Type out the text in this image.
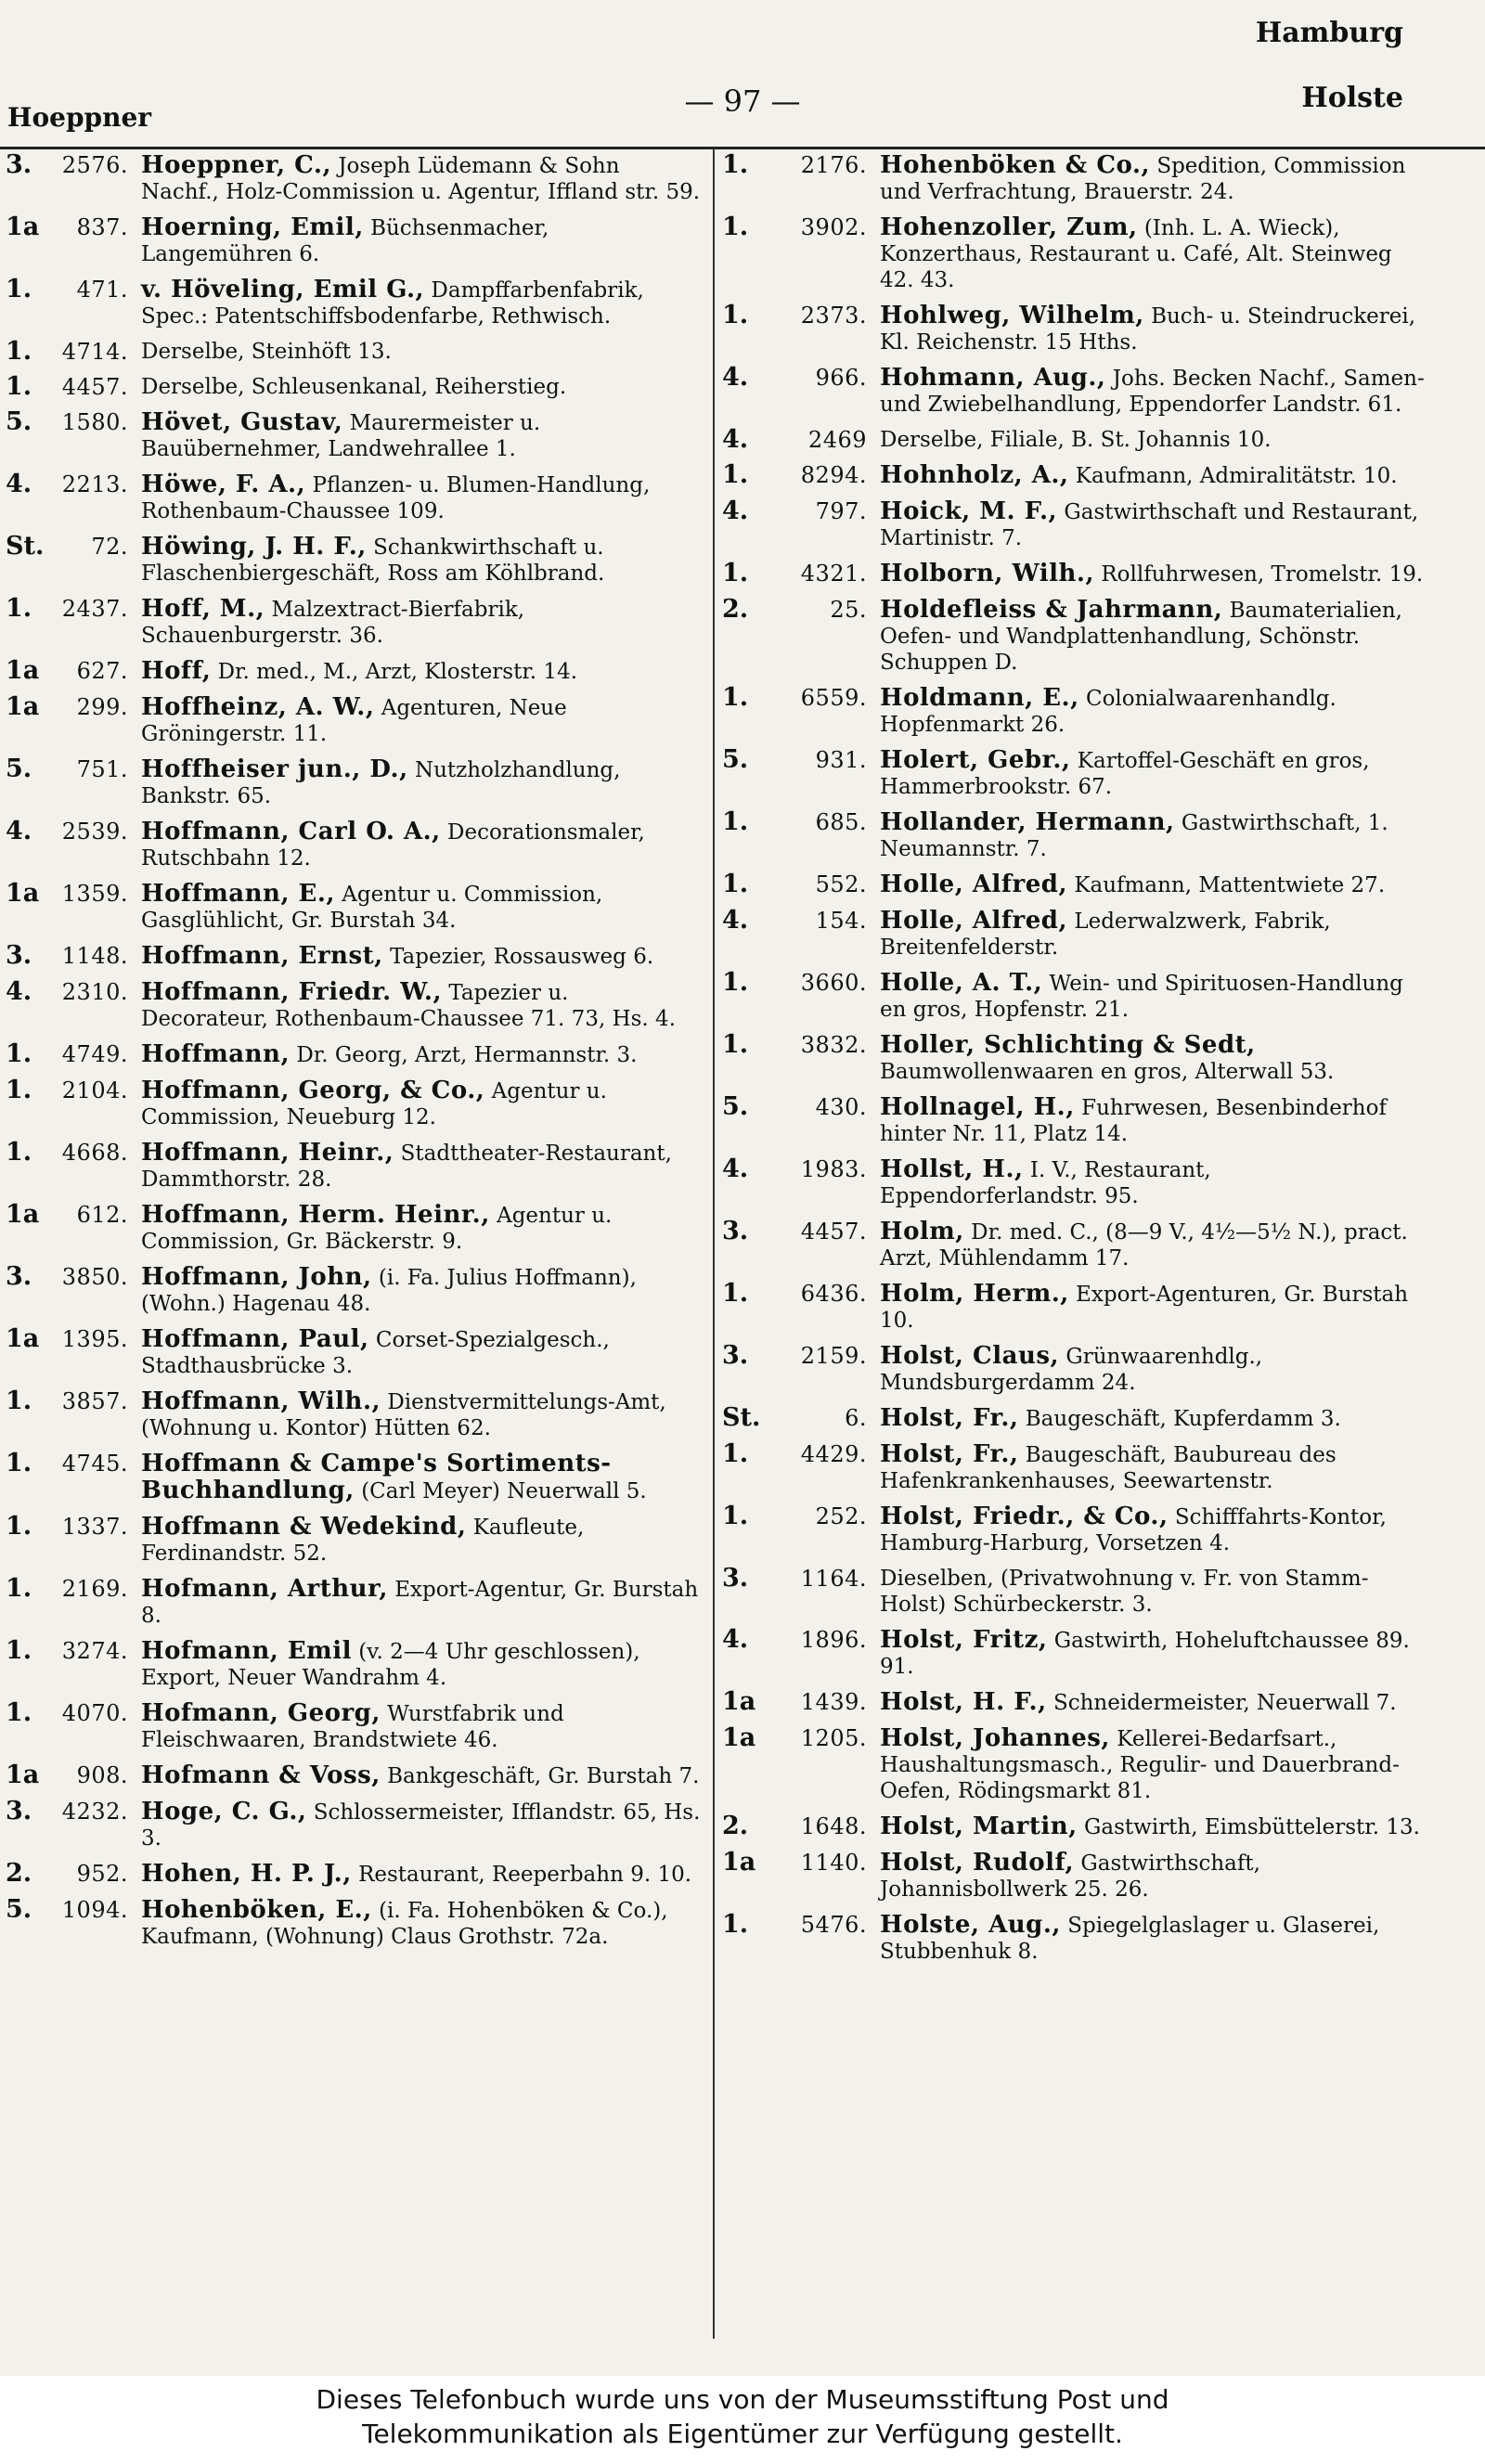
Hamburg
Hoeppner	— 97 —	Holste
3.	2576. Hoeppner, C., Joseph Lüdemann & Sohn Nachf., Holz-Commission u. Agentur, Iffland str. 59.
1a	837. Hoerning, Emil, Büchsenmacher, Langemühren 6.
1.	471. v. Höveling, Emil G., Dampffarbenfabrik, Spec.: Patentschiffsbodenfarbe, Rethwisch.
1.	4714. Derselbe, Steinhöft 13.
1.	4457. Derselbe, Schleusenkanal, Reiherstieg.
5.	1580. Hövet, Gustav, Maurermeister u. Bauübernehmer, Landwehrallee 1.
4.	2213. Höwe, F. A., Pflanzen- u. Blumen-Handlung, Rothenbaum-Chaussee 109.
St.	72. Höwing, J. H. F., Schankwirthschaft u. Flaschenbiergeschäft, Ross am Köhlbrand.
1.	2437. Hoff, M., Malzextract-Bierfabrik, Schauenburgerstr. 36.
1a	627. Hoff, Dr. med., M., Arzt, Klosterstr. 14.
1a	299. Hoffheinz, A. W., Agenturen, Neue Gröningerstr. 11.
5.	751. Hoffheiser jun., D., Nutzholzhandlung, Bankstr. 65.
4.	2539. Hoffmann, Carl O. A., Decorationsmaler, Rutschbahn 12.
1a	1359. Hoffmann, E., Agentur u. Commission, Gasglühlicht, Gr. Burstah 34.
3.	1148. Hoffmann, Ernst, Tapezier, Rossausweg 6.
4.	2310. Hoffmann, Friedr. W., Tapezier u. Decorateur, Rothenbaum-Chaussee 71. 73, Hs. 4.
1.	4749. Hoffmann, Dr. Georg, Arzt, Hermannstr. 3.
1.	2104. Hoffmann, Georg, & Co., Agentur u. Commission, Neueburg 12.
1.	4668. Hoffmann, Heinr., Stadttheater-Restaurant, Dammthorstr. 28.
1a	612. Hoffmann, Herm. Heinr., Agentur u. Commission, Gr. Bäckerstr. 9.
3.	3850. Hoffmann, John, (i. Fa. Julius Hoffmann), (Wohn.) Hagenau 48.
1a	1395. Hoffmann, Paul, Corset-Spezialgesch., Stadthausbrücke 3.
1.	3857. Hoffmann, Wilh., Dienstvermittelungs-Amt, (Wohnung u. Kontor) Hütten 62.
1.	4745. Hoffmann & Campe's Sortiments-Buchhandlung, (Carl Meyer) Neuerwall 5.
1.	1337. Hoffmann & Wedekind, Kaufleute, Ferdinandstr. 52.
1.	2169. Hofmann, Arthur, Export-Agentur, Gr. Burstah 8.
1.	3274. Hofmann, Emil (v. 2—4 Uhr geschlossen), Export, Neuer Wandrahm 4.
1.	4070. Hofmann, Georg, Wurstfabrik und Fleischwaaren, Brandstwiete 46.
1a	908. Hofmann & Voss, Bankgeschäft, Gr. Burstah 7.
3.	4232. Hoge, C. G., Schlossermeister, Ifflandstr. 65, Hs. 3.
2.	952. Hohen, H. P. J., Restaurant, Reeperbahn 9. 10.
5.	1094. Hohenböken, E., (i. Fa. Hohenböken & Co.), Kaufmann, (Wohnung) Claus Grothstr. 72a.
1.	2176. Hohenböken & Co., Spedition, Commission und Verfrachtung, Brauerstr. 24.
1.	3902. Hohenzoller, Zum, (Inh. L. A. Wieck), Konzerthaus, Restaurant u. Café, Alt. Steinweg 42. 43.
1.	2373. Hohlweg, Wilhelm, Buch- u. Steindruckerei, Kl. Reichenstr. 15 Hths.
4.	966. Hohmann, Aug., Johs. Becken Nachf., Samen- und Zwiebelhandlung, Eppendorfer Landstr. 61.
4.	2469 Derselbe, Filiale, B. St. Johannis 10.
1.	8294. Hohnholz, A., Kaufmann, Admiralitätstr. 10.
4.	797. Hoick, M. F., Gastwirthschaft und Restaurant, Martinistr. 7.
1.	4321. Holborn, Wilh., Rollfuhrwesen, Tromelstr. 19.
2.	25. Holdefleiss & Jahrmann, Baumaterialien, Oefen- und Wandplattenhandlung, Schönstr. Schuppen D.
1.	6559. Holdmann, E., Colonialwaarenhandlg. Hopfenmarkt 26.
5.	931. Holert, Gebr., Kartoffel-Geschäft en gros, Hammerbrookstr. 67.
1.	685. Hollander, Hermann, Gastwirthschaft, 1. Neumannstr. 7.
1.	552. Holle, Alfred, Kaufmann, Mattentwiete 27.
4.	154. Holle, Alfred, Lederwalzwerk, Fabrik, Breitenfelderstr.
1.	3660. Holle, A. T., Wein- und Spirituosen-Handlung en gros, Hopfenstr. 21.
1.	3832. Holler, Schlichting & Sedt, Baumwollenwaaren en gros, Alterwall 53.
5.	430. Hollnagel, H., Fuhrwesen, Besenbinderhof hinter Nr. 11, Platz 14.
4.	1983. Hollst, H., I. V., Restaurant, Eppendorferlandstr. 95.
3.	4457. Holm, Dr. med. C., (8—9 V., 4½—5½ N.), pract. Arzt, Mühlendamm 17.
1.	6436. Holm, Herm., Export-Agenturen, Gr. Burstah 10.
3.	2159. Holst, Claus, Grünwaarenhdlg., Mundsburgerdamm 24.
St.	6. Holst, Fr., Baugeschäft, Kupferdamm 3.
1.	4429. Holst, Fr., Baugeschäft, Baubureau des Hafenkrankenhauses, Seewartenstr.
1.	252. Holst, Friedr., & Co., Schifffahrts-Kontor, Hamburg-Harburg, Vorsetzen 4.
3.	1164. Dieselben, (Privatwohnung v. Fr. von Stamm-Holst) Schürbeckerstr. 3.
4.	1896. Holst, Fritz, Gastwirth, Hoheluftchaussee 89. 91.
1a	1439. Holst, H. F., Schneidermeister, Neuerwall 7.
1a	1205. Holst, Johannes, Kellerei-Bedarfsart., Haushaltungsmasch., Regulir- und Dauerbrand-Oefen, Rödingsmarkt 81.
2.	1648. Holst, Martin, Gastwirth, Eimsbüttelerstr. 13.
1a	1140. Holst, Rudolf, Gastwirthschaft, Johannisbollwerk 25. 26.
1.	5476. Holste, Aug., Spiegelglaslager u. Glaserei, Stubbenhuk 8.
Dieses Telefonbuch wurde uns von der Museumsstiftung Post und
Telekommunikation als Eigentümer zur Verfügung gestellt.
